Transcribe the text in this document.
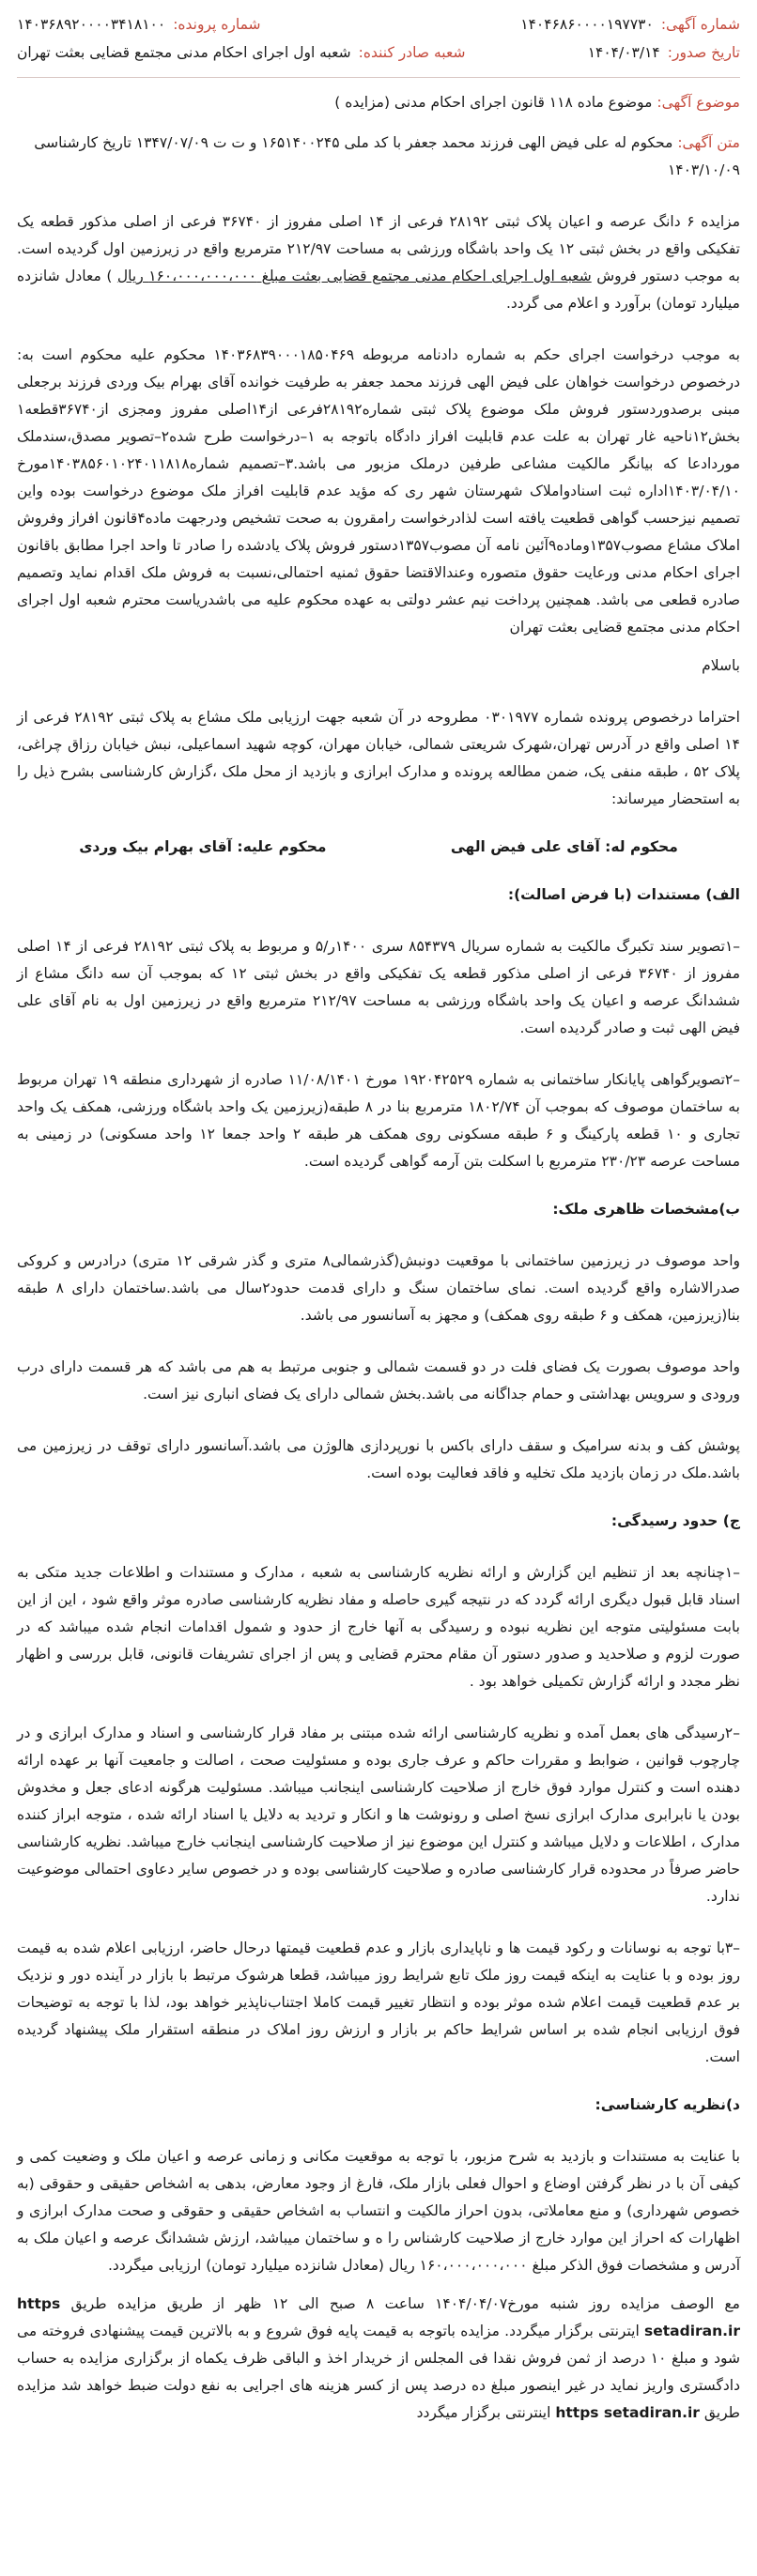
شماره آگهی:
۱۴۰۴۶۸۶۰۰۰۰۱۹۷۷۳۰
شماره پرونده:
۱۴۰۳۶۸۹۲۰۰۰۰۳۴۱۸۱۰۰
تاریخ صدور:
۱۴۰۴/۰۳/۱۴
شعبه صادر کننده:
شعبه اول اجرای احکام مدنی مجتمع قضایی بعثت تهران
موضوع آگهی: موضوع ماده ۱۱۸ قانون اجرای احکام مدنی (مزایده )
متن آگهی: محکوم له علی فیض الهی فرزند محمد جعفر با کد ملی ۱۶۵۱۴۰۰۲۴۵ و ت ت ۱۳۴۷/۰۷/۰۹ تاریخ کارشناسی ۱۴۰۳/۱۰/۰۹

مزایده ۶ دانگ عرصه و اعیان پلاک ثبتی ۲۸۱۹۲ فرعی از ۱۴ اصلی مفروز از ۳۶۷۴۰ فرعی از اصلی مذکور قطعه یک تفکیکی واقع در بخش ثبتی ۱۲ یک واحد باشگاه ورزشی به مساحت ۲۱۲/۹۷ مترمربع واقع در زیرزمین اول گردیده است. به موجب دستور فروش شعبه اول اجرای احکام مدنی مجتمع قضایی بعثت مبلغ ۱۶۰،۰۰۰،۰۰۰،۰۰۰ ریال ) معادل شانزده میلیارد تومان) برآورد و اعلام می گردد.

به موجب درخواست اجرای حکم به شماره دادنامه مربوطه ۱۴۰۳۶۸۳۹۰۰۰۱۸۵۰۴۶۹ محکوم علیه محکوم است به: درخصوص درخواست خواهان علی فیض الهی فرزند محمد جعفر به طرفیت خوانده آقای بهرام بیک وردی فرزند برجعلی مبنی برصدوردستور فروش ملک موضوع پلاک ثبتی شماره۲۸۱۹۲فرعی از۱۴اصلی مفروز ومجزی از۳۶۷۴۰قطعه۱ بخش۱۲ناحیه غار تهران به علت عدم قابلیت افراز دادگاه باتوجه به ۱–درخواست طرح شده۲–تصویر مصدق،سندملک موردادعا که بیانگر مالکیت مشاعی طرفین درملک مزبور می باشد.۳–تصمیم شماره۱۴۰۳۸۵۶۰۱۰۲۴۰۱۱۸۱۸مورخ ۱۴۰۳/۰۴/۱۰اداره ثبت اسنادواملاک شهرستان شهر ری که مؤید عدم قابلیت افراز ملک موضوع درخواست بوده واین تصمیم نیزحسب گواهی قطعیت یافته است لذادرخواست رامقرون به صحت تشخیص ودرجهت ماده۴قانون افراز وفروش املاک مشاع مصوب۱۳۵۷وماده۹آئین نامه آن مصوب۱۳۵۷دستور فروش پلاک یادشده را صادر تا واحد اجرا مطابق باقانون اجرای احکام مدنی ورعایت حقوق متصوره وعندالاقتضا حقوق ثمنیه احتمالی،نسبت به فروش ملک اقدام نماید وتصمیم صادره قطعی می باشد. همچنین پرداخت نیم عشر دولتی به عهده محکوم علیه می باشدریاست محترم شعبه اول اجرای احکام مدنی مجتمع قضایی بعثت تهران

باسلام

احتراما درخصوص پرونده شماره ۰۳۰۱۹۷۷ مطروحه در آن شعبه جهت ارزیابی ملک مشاع به پلاک ثبتی ۲۸۱۹۲ فرعی از ۱۴ اصلی واقع در آدرس تهران،شهرک شریعتی شمالی، خیابان مهران، کوچه شهید اسماعیلی، نبش خیابان رزاق چراغی، پلاک ۵۲ ، طبقه منفی یک، ضمن مطالعه پرونده و مدارک ابرازی و بازدید از محل ملک ،گزارش کارشناسی بشرح ذیل را به استحضار میرساند:

محکوم له: آقای علی فیض الهی
محکوم علیه: آقای بهرام بیک وردی

الف) مستندات (با فرض اصالت):

–۱تصویر سند تکبرگ مالکیت به شماره سریال ۸۵۴۳۷۹ سری ۱۴۰۰ر/۵ و مربوط به پلاک ثبتی ۲۸۱۹۲ فرعی از ۱۴ اصلی مفروز از ۳۶۷۴۰ فرعی از اصلی مذکور قطعه یک تفکیکی واقع در بخش ثبتی ۱۲ که بموجب آن سه دانگ مشاع از ششدانگ عرصه و اعیان یک واحد باشگاه ورزشی به مساحت ۲۱۲/۹۷ مترمربع واقع در زیرزمین اول به نام آقای علی فیض الهی ثبت و صادر گردیده است.

–۲تصویرگواهی پایانکار ساختمانی به شماره ۱۹۲۰۴۲۵۲۹ مورخ ۱۱/۰۸/۱۴۰۱ صادره از شهرداری منطقه ۱۹ تهران مربوط به ساختمان موصوف که بموجب آن ۱۸۰۲/۷۴ مترمربع بنا در ۸ طبقه(زیرزمین یک واحد باشگاه ورزشی، همکف یک واحد تجاری و ۱۰ قطعه پارکینگ و ۶ طبقه مسکونی روی همکف هر طبقه ۲ واحد جمعا ۱۲ واحد مسکونی) در زمینی به مساحت عرصه ۲۳۰/۲۳ مترمربع با اسکلت بتن آرمه گواهی گردیده است.

ب)مشخصات ظاهری ملک:

واحد موصوف در زیرزمین ساختمانی با موقعیت دونبش(گذرشمالی۸ متری و گذر شرقی ۱۲ متری) درادرس و کروکی صدرالاشاره واقع گردیده است. نمای ساختمان سنگ و دارای قدمت حدود۲سال می باشد.ساختمان دارای ۸ طبقه بنا(زیرزمین، همکف و ۶ طبقه روی همکف) و مجهز به آسانسور می باشد.

واحد موصوف بصورت یک فضای فلت در دو قسمت شمالی و جنوبی مرتبط به هم می باشد که هر قسمت دارای درب ورودی و سرویس بهداشتی و حمام جداگانه می باشد.بخش شمالی دارای یک فضای انباری نیز است.

پوشش کف و بدنه سرامیک و سقف دارای باکس با نورپردازی هالوژن می باشد.آسانسور دارای توقف در زیرزمین می باشد.ملک در زمان بازدید ملک تخلیه و فاقد فعالیت بوده است.

ج) حدود رسیدگی:

–۱چنانچه بعد از تنظیم این گزارش و ارائه نظریه کارشناسی به شعبه ، مدارک و مستندات و اطلاعات جدید متکی به اسناد قابل قبول دیگری ارائه گردد که در نتیجه گیری حاصله و مفاد نظریه کارشناسی صادره موثر واقع شود ، این از این بابت مسئولیتی متوجه این نظریه نبوده و رسیدگی به آنها خارج از حدود و شمول اقدامات انجام شده میباشد که در صورت لزوم و صلاحدید و صدور دستور آن مقام محترم قضایی و پس از اجرای تشریفات قانونی، قابل بررسی و اظهار نظر مجدد و ارائه گزارش تکمیلی خواهد بود .

–۲رسیدگی های بعمل آمده و نظریه کارشناسی ارائه شده مبتنی بر مفاد قرار کارشناسی و اسناد و مدارک ابرازی و در چارچوب قوانین ، ضوابط و مقررات حاکم و عرف جاری بوده و مسئولیت صحت ، اصالت و جامعیت آنها بر عهده ارائه دهنده است و کنترل موارد فوق خارج از صلاحیت کارشناسی اینجانب میباشد. مسئولیت هرگونه ادعای جعل و مخدوش بودن یا نابرابری مدارک ابرازی نسخ اصلی و رونوشت ها و انکار و تردید به دلایل یا اسناد ارائه شده ، متوجه ابراز کننده مدارک ، اطلاعات و دلایل میباشد و کنترل این موضوع نیز از صلاحیت کارشناسی اینجانب خارج میباشد. نظریه کارشناسی حاضر صرفاً در محدوده قرار کارشناسی صادره و صلاحیت کارشناسی بوده و در خصوص سایر دعاوی احتمالی موضوعیت ندارد.

–۳با توجه به نوسانات و رکود قیمت ها و ناپایداری بازار و عدم قطعیت قیمتها درحال حاضر، ارزیابی اعلام شده به قیمت روز بوده و با عنایت به اینکه قیمت روز ملک تابع شرایط روز میباشد، قطعا هرشوک مرتبط با بازار در آینده دور و نزدیک بر عدم قطعیت قیمت اعلام شده موثر بوده و انتظار تغییر قیمت کاملا اجتناب‌ناپذیر خواهد بود، لذا با توجه به توضیحات فوق ارزیابی انجام شده بر اساس شرایط حاکم بر بازار و ارزش روز املاک در منطقه استقرار ملک پیشنهاد گردیده است.

د)نظریه کارشناسی:

با عنایت به مستندات و بازدید به شرح مزبور، با توجه به موقعیت مکانی و زمانی عرصه و اعیان ملک و وضعیت کمی و کیفی آن با در نظر گرفتن اوضاع و احوال فعلی بازار ملک، فارغ از وجود معارض، بدهی به اشخاص حقیقی و حقوقی (به خصوص شهرداری) و منع معاملاتی، بدون احراز مالکیت و انتساب به اشخاص حقیقی و حقوقی و صحت مدارک ابرازی و اظهارات که احراز این موارد خارج از صلاحیت کارشناس را ه و ساختمان میباشد، ارزش ششدانگ عرصه و اعیان ملک به آدرس و مشخصات فوق الذکر مبلغ ۱۶۰،۰۰۰،۰۰۰،۰۰۰ ریال (معادل شانزده میلیارد تومان) ارزیابی میگردد.

مع الوصف مزایده روز شنبه مورخ۱۴۰۴/۰۴/۰۷ ساعت ۸ صبح الی ۱۲ ظهر از طریق مزایده طریق https setadiran.ir ایترنتی برگزار میگردد. مزایده باتوجه به قیمت پایه فوق شروع و به بالاترین قیمت پیشنهادی فروخته می شود و مبلغ ۱۰ درصد از ثمن فروش نقدا فی المجلس از خریدار اخذ و الباقی ظرف یکماه از برگزاری مزایده به حساب دادگستری واریز نماید در غیر اینصور مبلغ ده درصد پس از کسر هزینه های اجرایی به نفع دولت ضبط خواهد شد مزایده طریق https setadiran.ir اینترنتی برگزار میگردد
